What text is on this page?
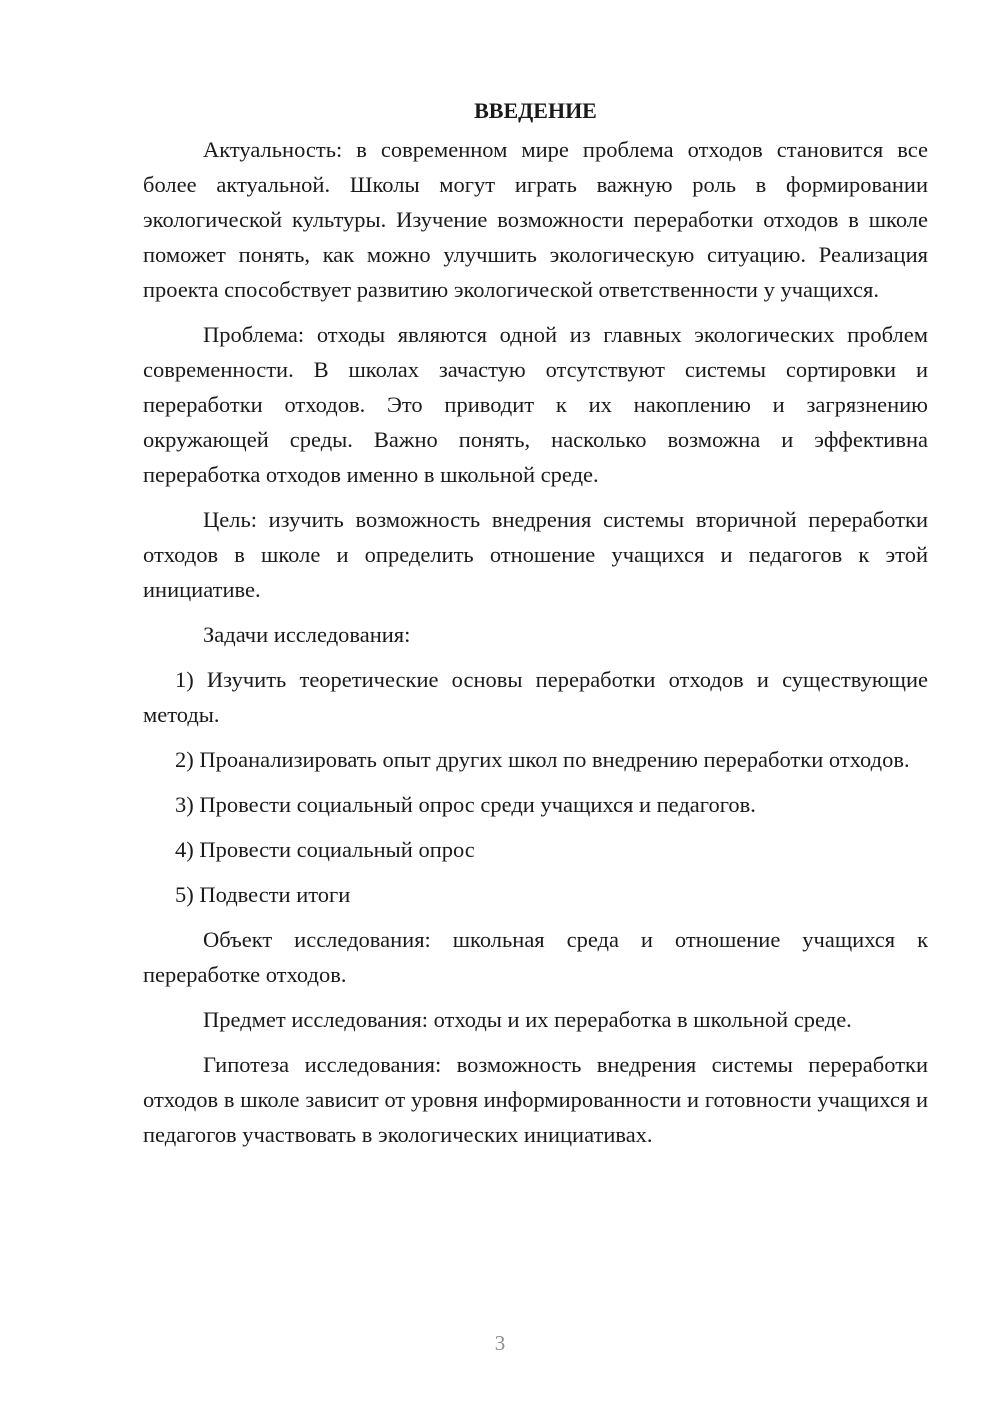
ВВЕДЕНИЕ

Актуальность: в современном мире проблема отходов становится все более актуальной. Школы могут играть важную роль в формировании экологической культуры. Изучение возможности переработки отходов в школе поможет понять, как можно улучшить экологическую ситуацию. Реализация проекта способствует развитию экологической ответственности у учащихся.

Проблема: отходы являются одной из главных экологических проблем современности. В школах зачастую отсутствуют системы сортировки и переработки отходов. Это приводит к их накоплению и загрязнению окружающей среды. Важно понять, насколько возможна и эффективна переработка отходов именно в школьной среде.

Цель: изучить возможность внедрения системы вторичной переработки отходов в школе и определить отношение учащихся и педагогов к этой инициативе.

Задачи исследования:

1) Изучить теоретические основы переработки отходов и существующие методы.

2) Проанализировать опыт других школ по внедрению переработки отходов.

3) Провести социальный опрос среди учащихся и педагогов.

4) Провести социальный опрос

5) Подвести итоги

Объект исследования: школьная среда и отношение учащихся к переработке отходов.

Предмет исследования: отходы и их переработка в школьной среде.

Гипотеза исследования: возможность внедрения системы переработки отходов в школе зависит от уровня информированности и готовности учащихся и педагогов участвовать в экологических инициативах.

3
